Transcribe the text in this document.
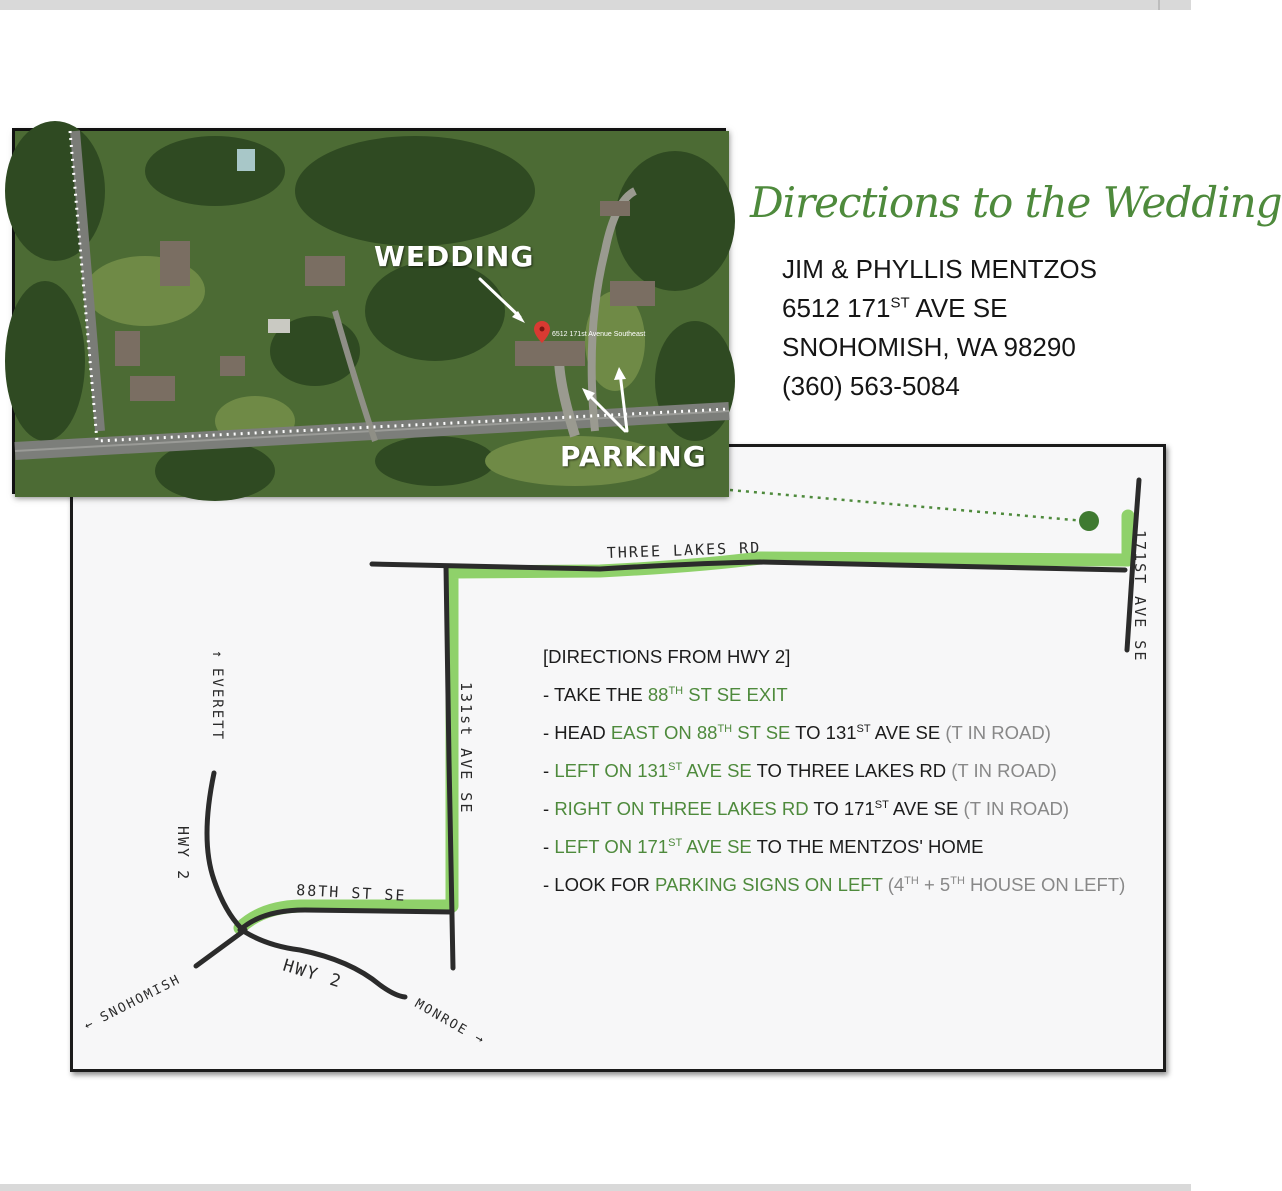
THREE LAKES RD	171ST AVE SE
131st AVE SE
88TH ST SE
HWY 2
HWY 2
↑
EVERETT
← SNOHOMISH	MONROE
→
6512 171st Avenue Southeast
WEDDING
PARKING
Directions to the Wedding
JIM & PHYLLIS MENTZOS
6512 171ST AVE SE
SNOHOMISH, WA 98290
(360) 563-5084
[DIRECTIONS FROM HWY 2]
- TAKE THE 88TH ST SE EXIT
- HEAD EAST ON 88TH ST SE TO 131ST AVE SE (T IN ROAD)
- LEFT ON 131ST AVE SE TO THREE LAKES RD (T IN ROAD)
- RIGHT ON THREE LAKES RD TO 171ST AVE SE (T IN ROAD)
- LEFT ON 171ST AVE SE TO THE MENTZOS' HOME
- LOOK FOR PARKING SIGNS ON LEFT (4TH + 5TH HOUSE ON LEFT)
